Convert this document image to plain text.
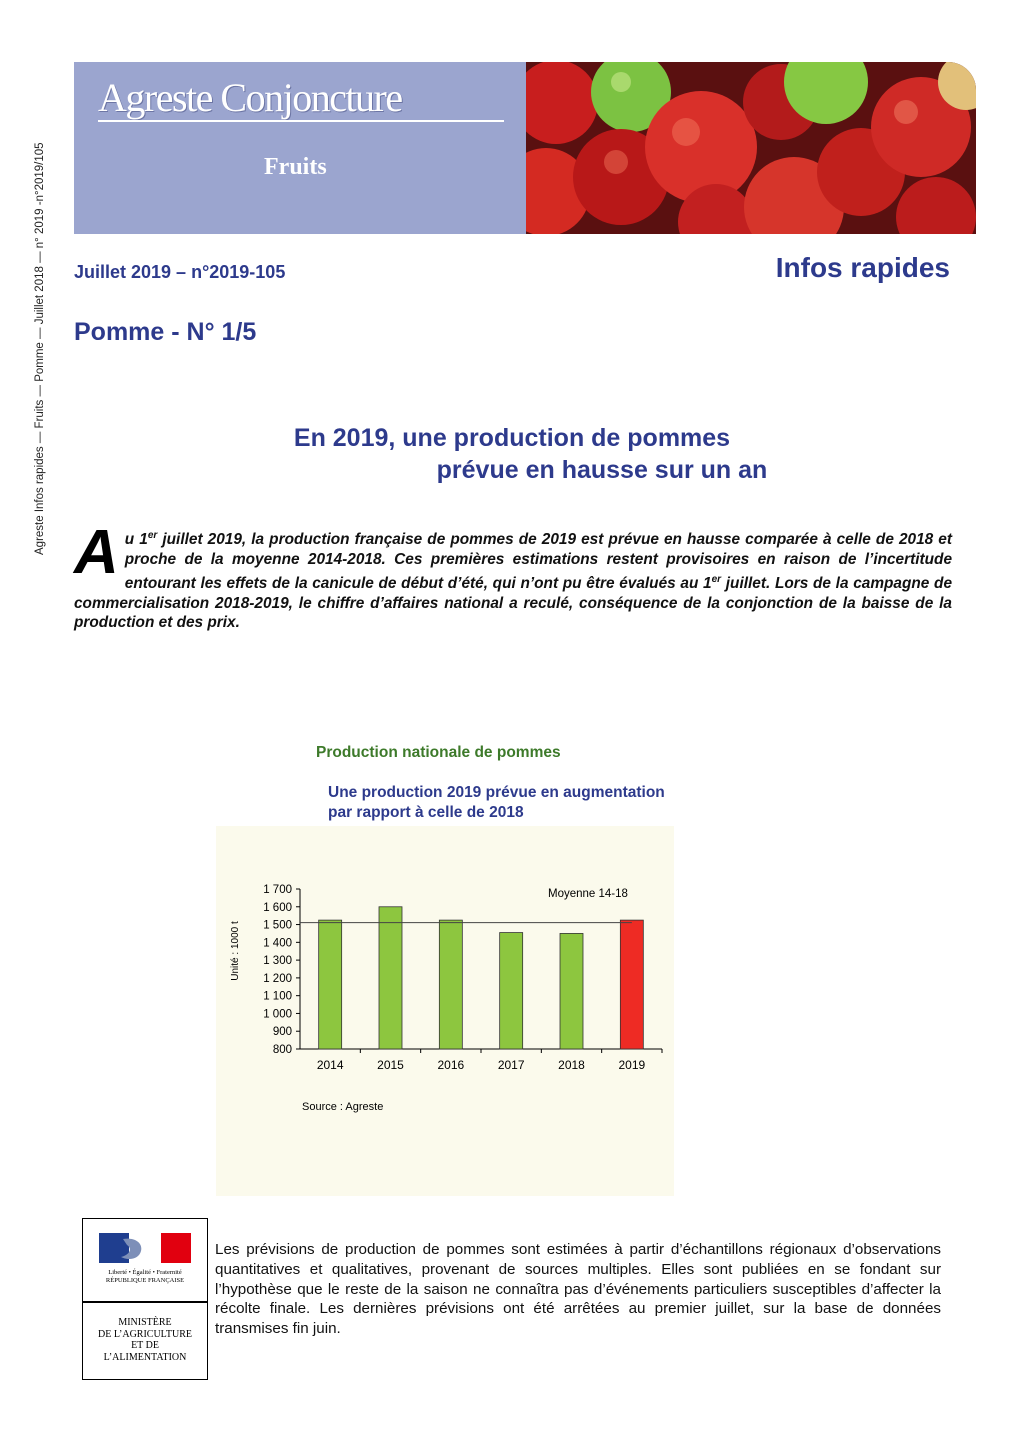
Agreste Infos rapides — Fruits — Pomme — Juillet 2018 — n° 2019 -n°2019/105
Agreste Conjoncture
Fruits
Juillet 2019 – n°2019-105	Infos rapides
Pomme - N° 1/5
En 2019, une production de pommes
prévue en hausse sur un an
Au 1er juillet 2019, la production française de pommes de 2019 est prévue en hausse comparée à celle de 2018 et proche de la moyenne 2014-2018. Ces premières estimations restent provisoires en raison de l’incertitude entourant les effets de la canicule de début d’été, qui n’ont pu être évalués au 1er juillet. Lors de la campagne de commercialisation 2018-2019, le chiffre d’affaires national a reculé, conséquence de la conjonction de la baisse de la production et des prix.
Production nationale de pommes
Une production 2019 prévue en augmentation
par rapport à celle de 2018
800
900
1 000
1 100
1 200
1 300
1 400
1 500
1 600
1 700
Unité : 1000 t
2014	2015	2016	2017	2018	2019
Moyenne 14-18
Source : Agreste
Liberté • Égalité • Fraternité
RÉPUBLIQUE FRANÇAISE
MINISTÈRE
DE L’AGRICULTURE
ET DE
L’ALIMENTATION
Les prévisions de production de pommes sont estimées à partir d’échantillons régionaux d’observations quantitatives et qualitatives, provenant de sources multiples. Elles sont publiées en se fondant sur l’hypothèse que le reste de la saison ne connaîtra pas d’événements particuliers susceptibles d’affecter la récolte finale. Les dernières prévisions ont été arrêtées au premier juillet, sur la base de données transmises fin juin.
